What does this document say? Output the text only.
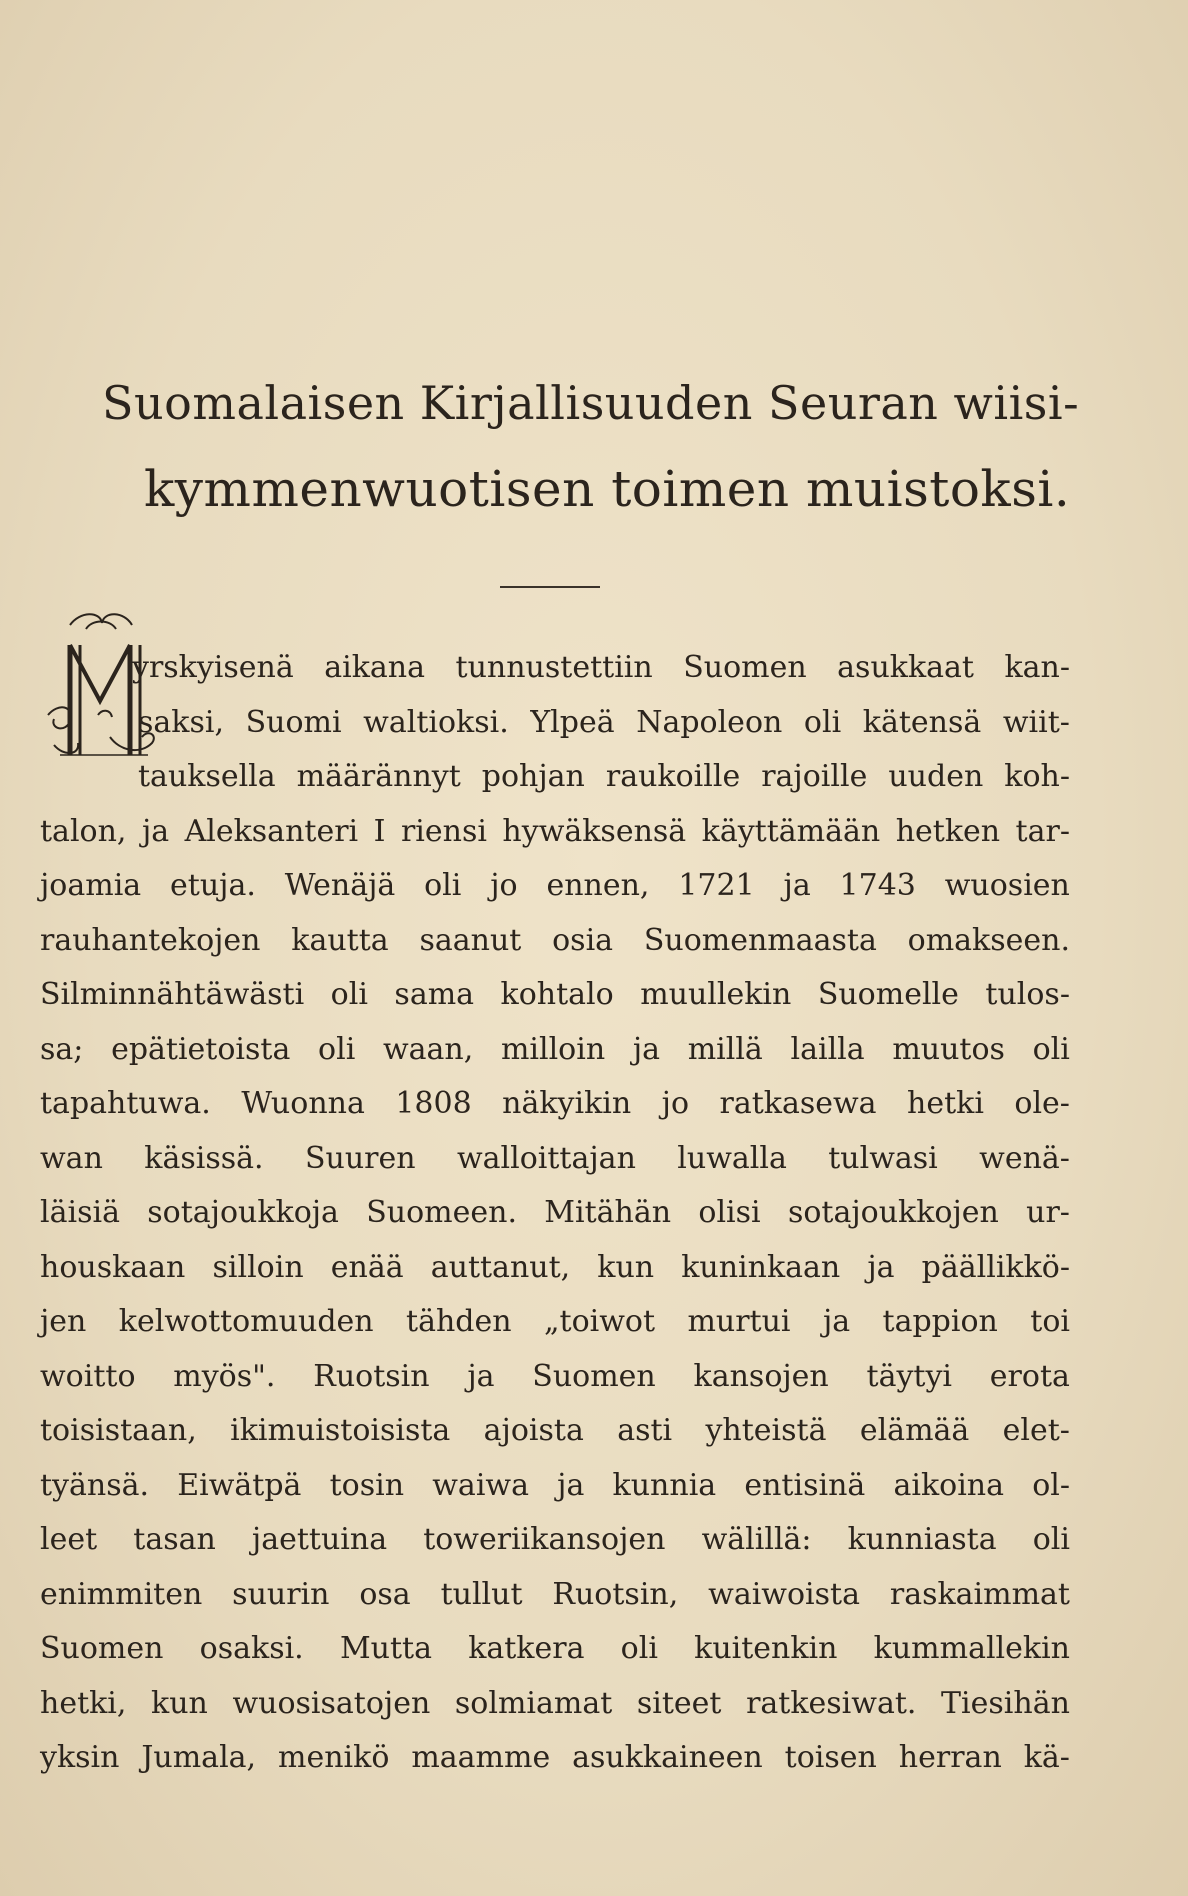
Suomalaisen Kirjallisuuden Seuran wiisi-
kymmenwuotisen toimen muistoksi.
yrskyisenä aikana tunnustettiin Suomen asukkaat kan-
saksi, Suomi waltioksi. Ylpeä Napoleon oli kätensä wiit-
tauksella määrännyt pohjan raukoille rajoille uuden koh-
talon, ja Aleksanteri I riensi hywäksensä käyttämään hetken tar-
joamia etuja. Wenäjä oli jo ennen, 1721 ja 1743 wuosien
rauhantekojen kautta saanut osia Suomenmaasta omakseen.
Silminnähtäwästi oli sama kohtalo muullekin Suomelle tulos-
sa; epätietoista oli waan, milloin ja millä lailla muutos oli
tapahtuwa. Wuonna 1808 näkyikin jo ratkasewa hetki ole-
wan käsissä. Suuren walloittajan luwalla tulwasi wenä-
läisiä sotajoukkoja Suomeen. Mitähän olisi sotajoukkojen ur-
houskaan silloin enää auttanut, kun kuninkaan ja päällikkö-
jen kelwottomuuden tähden „toiwot murtui ja tappion toi
woitto myös". Ruotsin ja Suomen kansojen täytyi erota
toisistaan, ikimuistoisista ajoista asti yhteistä elämää elet-
tyänsä. Eiwätpä tosin waiwa ja kunnia entisinä aikoina ol-
leet tasan jaettuina toweriikansojen wälillä: kunniasta oli
enimmiten suurin osa tullut Ruotsin, waiwoista raskaimmat
Suomen osaksi. Mutta katkera oli kuitenkin kummallekin
hetki, kun wuosisatojen solmiamat siteet ratkesiwat. Tiesihän
yksin Jumala, menikö maamme asukkaineen toisen herran kä-
